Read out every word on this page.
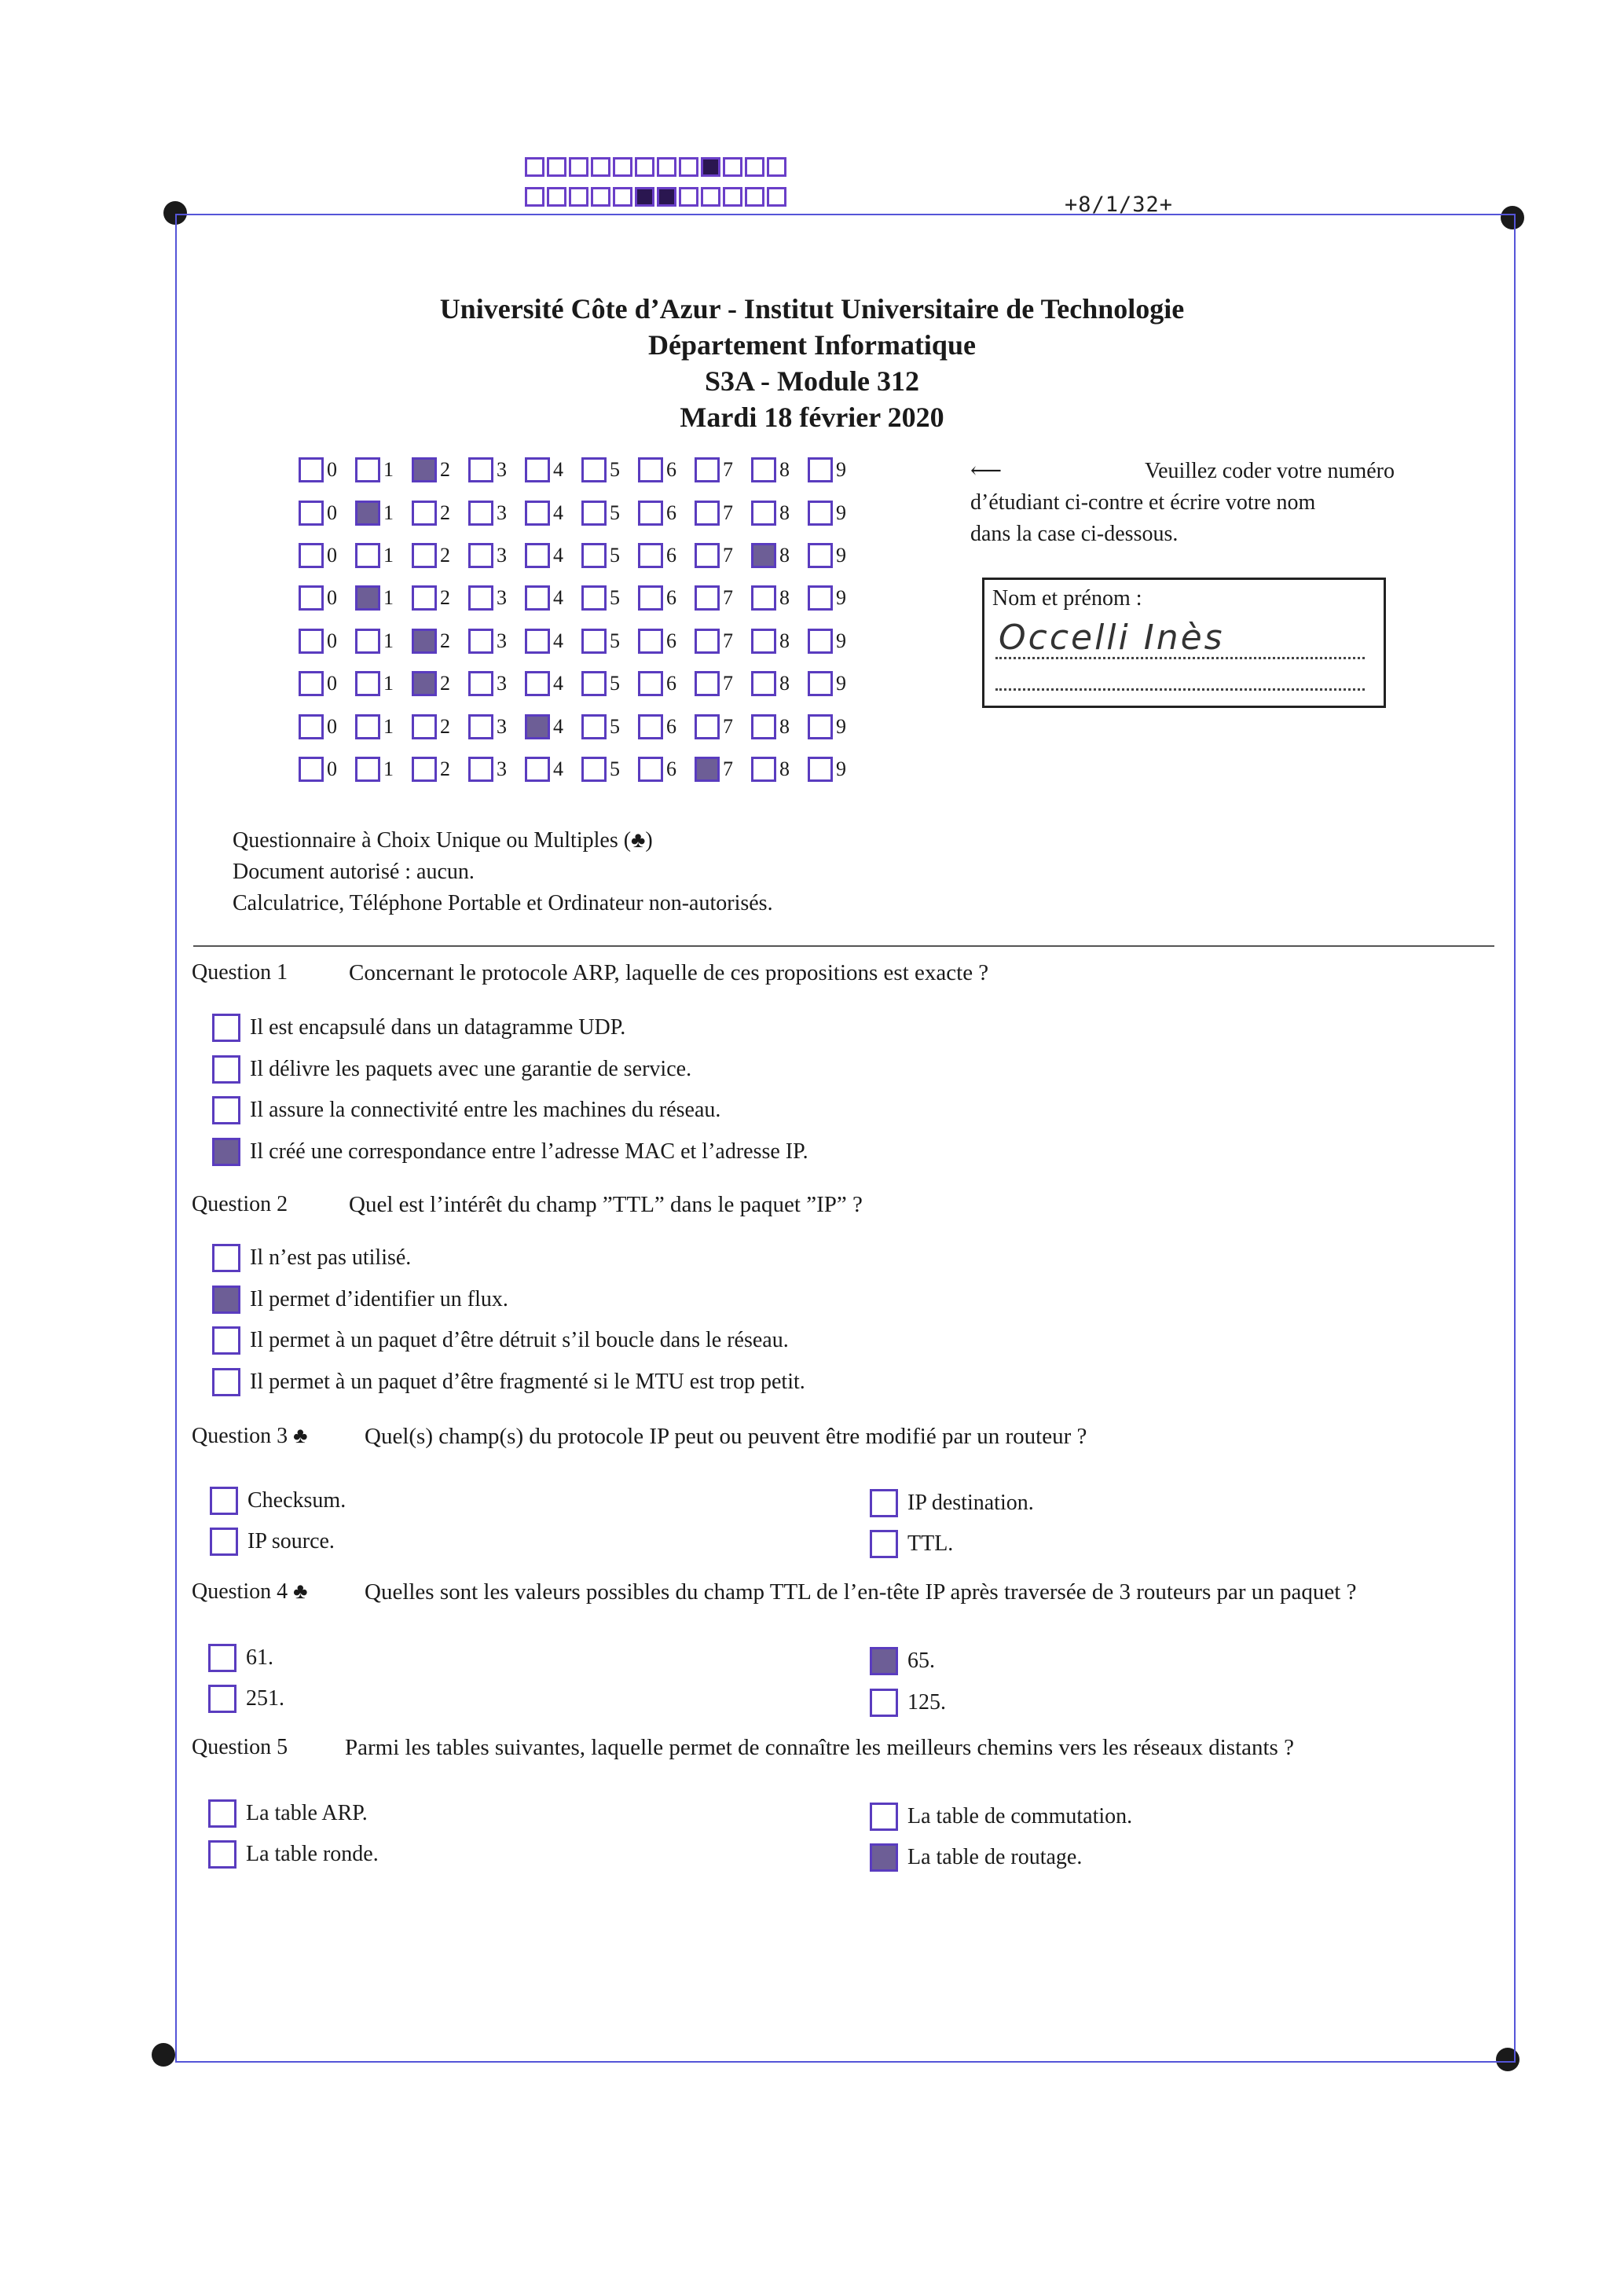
+8/1/32+
Université Côte d’Azur - Institut Universitaire de Technologie
Département Informatique
S3A - Module 312
Mardi 18 février 2020
0 1 2 3 4 5 6 7 8 9
0 1 2 3 4 5 6 7 8 9
0 1 2 3 4 5 6 7 8 9
0 1 2 3 4 5 6 7 8 9
0 1 2 3 4 5 6 7 8 9
0 1 2 3 4 5 6 7 8 9
0 1 2 3 4 5 6 7 8 9
0 1 2 3 4 5 6 7 8 9
⟵	Veuillez coder votre numéro
d’étudiant ci-contre et écrire votre nom
dans la case ci-dessous.
Nom et prénom :
Occelli Inès
Questionnaire à Choix Unique ou Multiples (♣)
Document autorisé : aucun.
Calculatrice, Téléphone Portable et Ordinateur non-autorisés.
Question 1	Concernant le protocole ARP, laquelle de ces propositions est exacte ?
Il est encapsulé dans un datagramme UDP.
Il délivre les paquets avec une garantie de service.
Il assure la connectivité entre les machines du réseau.
Il créé une correspondance entre l’adresse MAC et l’adresse IP.
Question 2	Quel est l’intérêt du champ ”TTL” dans le paquet ”IP” ?
Il n’est pas utilisé.
Il permet d’identifier un flux.
Il permet à un paquet d’être détruit s’il boucle dans le réseau.
Il permet à un paquet d’être fragmenté si le MTU est trop petit.
Question 3 ♣	Quel(s) champ(s) du protocole IP peut ou peuvent être modifié par un routeur ?
Checksum.
IP source.
IP destination.
TTL.
Question 4 ♣	Quelles sont les valeurs possibles du champ TTL de l’en-tête IP après traversée de 3 routeurs par un paquet ?
61.
251.
65.
125.
Question 5	Parmi les tables suivantes, laquelle permet de connaître les meilleurs chemins vers les réseaux distants ?
La table ARP.
La table ronde.
La table de commutation.
La table de routage.
